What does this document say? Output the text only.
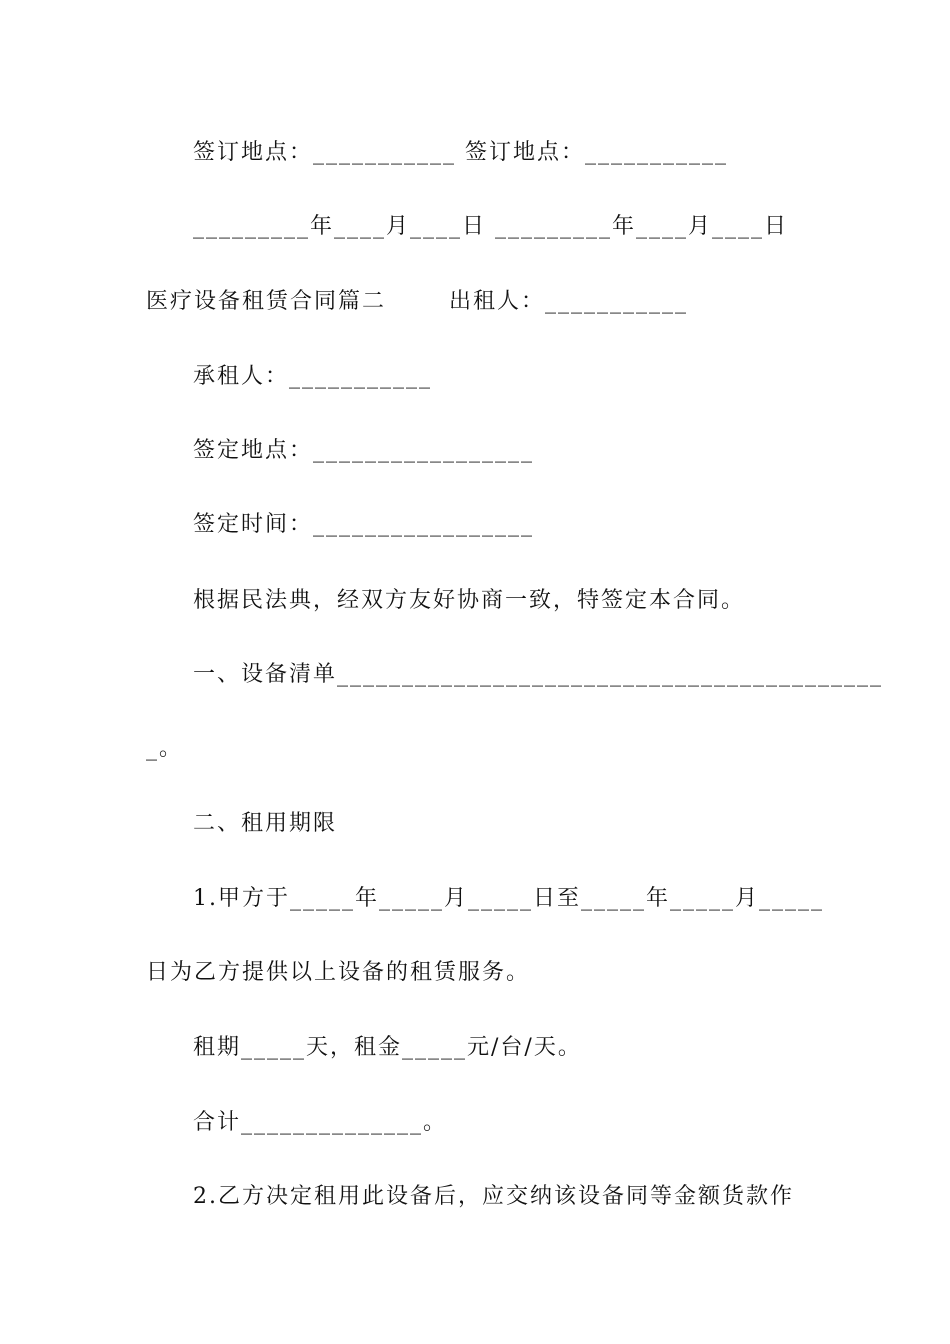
签订地点：___________ 签订地点：___________
_________年____月____日 _________年____月____日
医疗设备租赁合同篇二       出租人：___________
承租人：___________
签定地点：_________________
签定时间：_________________
根据民法典，经双方友好协商一致，特签定本合同。
一、设备清单__________________________________________
_。
二、租用期限
1.甲方于_____年_____月_____日至_____年_____月_____
日为乙方提供以上设备的租赁服务。
租期_____天，租金_____元/台/天。
合计______________。
2.乙方决定租用此设备后，应交纳该设备同等金额货款作
